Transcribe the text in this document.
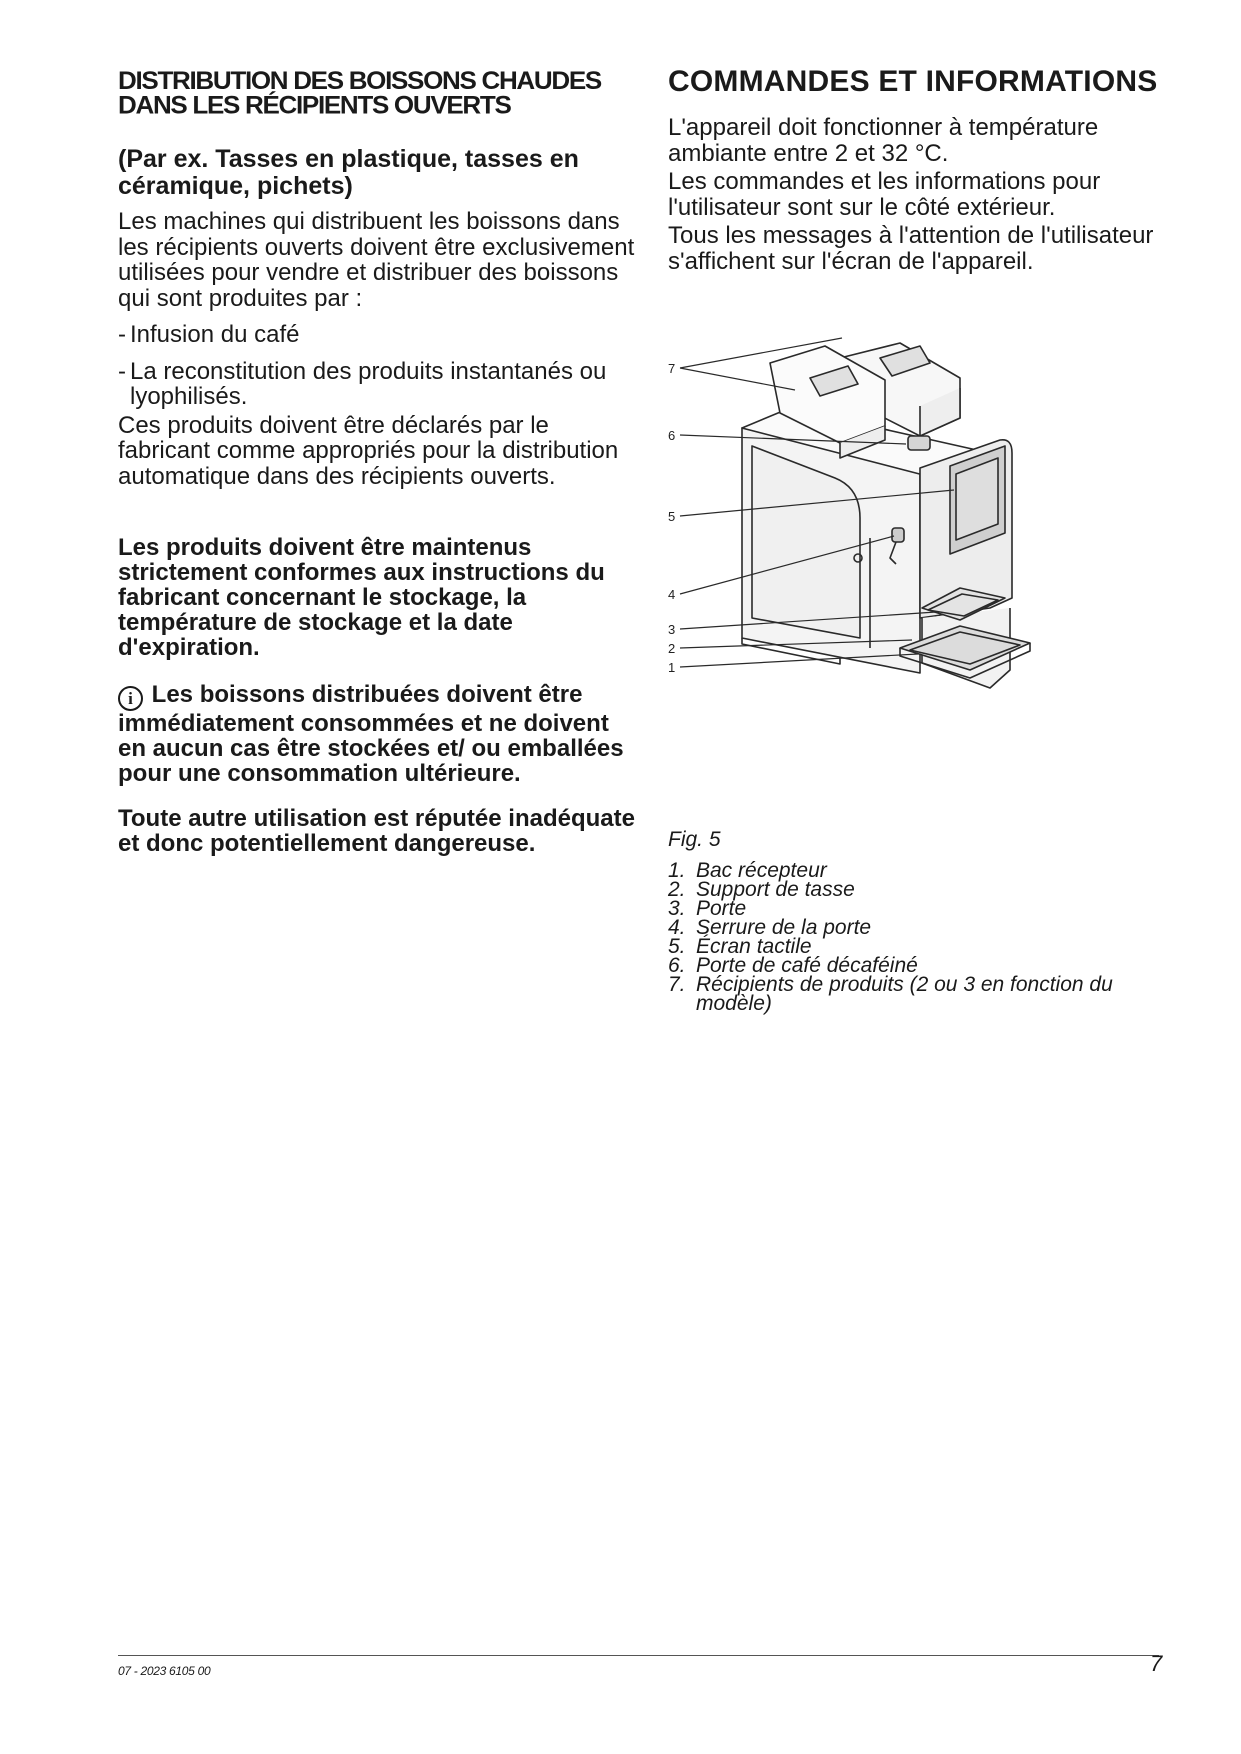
DISTRIBUTION DES BOISSONS CHAUDES
DANS LES RÉCIPIENTS OUVERTS
(Par ex. Tasses en plastique, tasses en céramique, pichets)

Les machines qui distribuent les boissons dans les récipients ouverts doivent être exclusivement utilisées pour vendre et distribuer des boissons qui sont produites par :

- Infusion du café
- La reconstitution des produits instantanés ou lyophilisés.

Ces produits doivent être déclarés par le fabricant comme appropriés pour la distribution automatique dans des récipients ouverts.

Les produits doivent être maintenus strictement conformes aux instructions du fabricant concernant le stockage, la température de stockage et la date d'expiration.

i Les boissons distribuées doivent être immédiatement consommées et ne doivent en aucun cas être stockées et/ ou emballées pour une consommation ultérieure.

Toute autre utilisation est réputée inadéquate et donc potentiellement dangereuse.

COMMANDES ET INFORMATIONS

L'appareil doit fonctionner à température ambiante entre 2 et 32 °C.

Les commandes et les informations pour l'utilisateur sont sur le côté extérieur.

Tous les messages à l'attention de l'utilisateur s'affichent sur l'écran de l'appareil.

7
6
5
4
3
2
1
Fig. 5
1. Bac récepteur
2. Support de tasse
3. Porte
4. Serrure de la porte
5. Écran tactile
6. Porte de café décaféiné
7. Récipients de produits (2 ou 3 en fonction du modèle)
07 - 2023 6105 00	7
